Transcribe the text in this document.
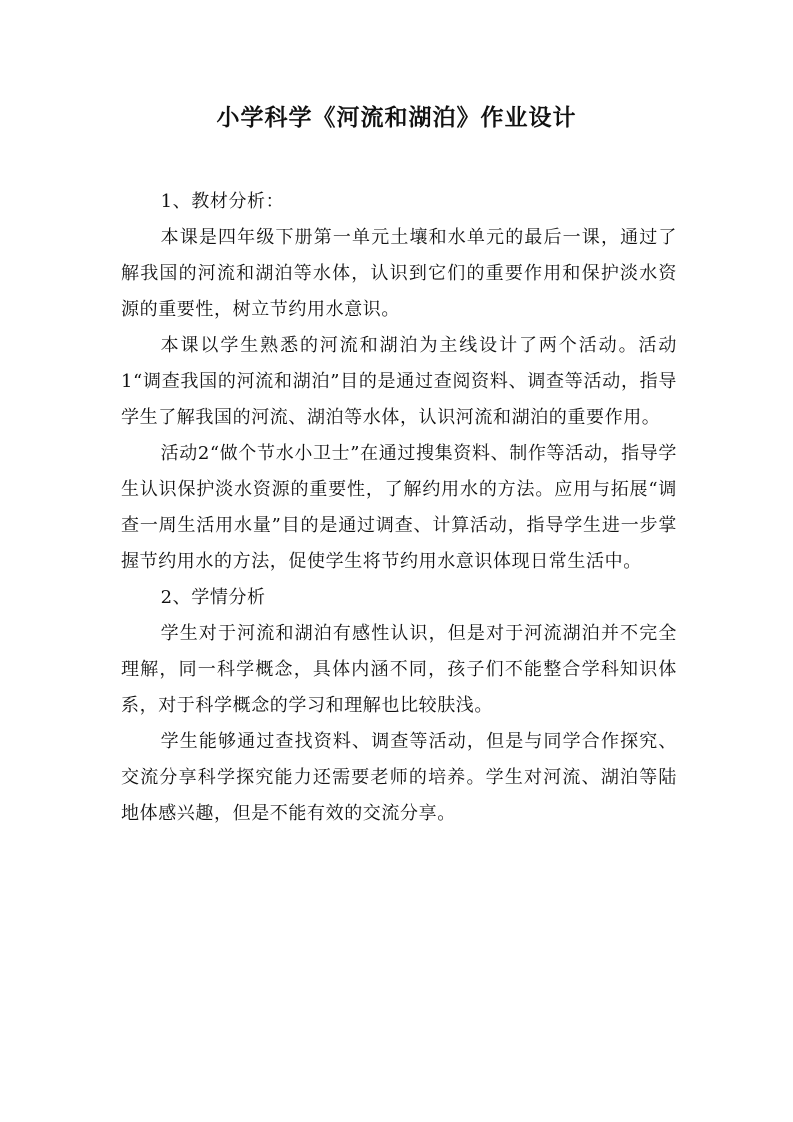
小学科学《河流和湖泊》作业设计

1、教材分析：

本课是四年级下册第一单元土壤和水单元的最后一课，通过了解我国的河流和湖泊等水体，认识到它们的重要作用和保护淡水资源的重要性，树立节约用水意识。

本课以学生熟悉的河流和湖泊为主线设计了两个活动。活动1“调查我国的河流和湖泊”目的是通过查阅资料、调查等活动，指导学生了解我国的河流、湖泊等水体，认识河流和湖泊的重要作用。

活动2“做个节水小卫士”在通过搜集资料、制作等活动，指导学生认识保护淡水资源的重要性，了解约用水的方法。应用与拓展“调查一周生活用水量”目的是通过调查、计算活动，指导学生进一步掌握节约用水的方法，促使学生将节约用水意识体现日常生活中。

2、学情分析

学生对于河流和湖泊有感性认识，但是对于河流湖泊并不完全理解，同一科学概念，具体内涵不同，孩子们不能整合学科知识体系，对于科学概念的学习和理解也比较肤浅。

学生能够通过查找资料、调查等活动，但是与同学合作探究、交流分享科学探究能力还需要老师的培养。学生对河流、湖泊等陆地体感兴趣，但是不能有效的交流分享。
